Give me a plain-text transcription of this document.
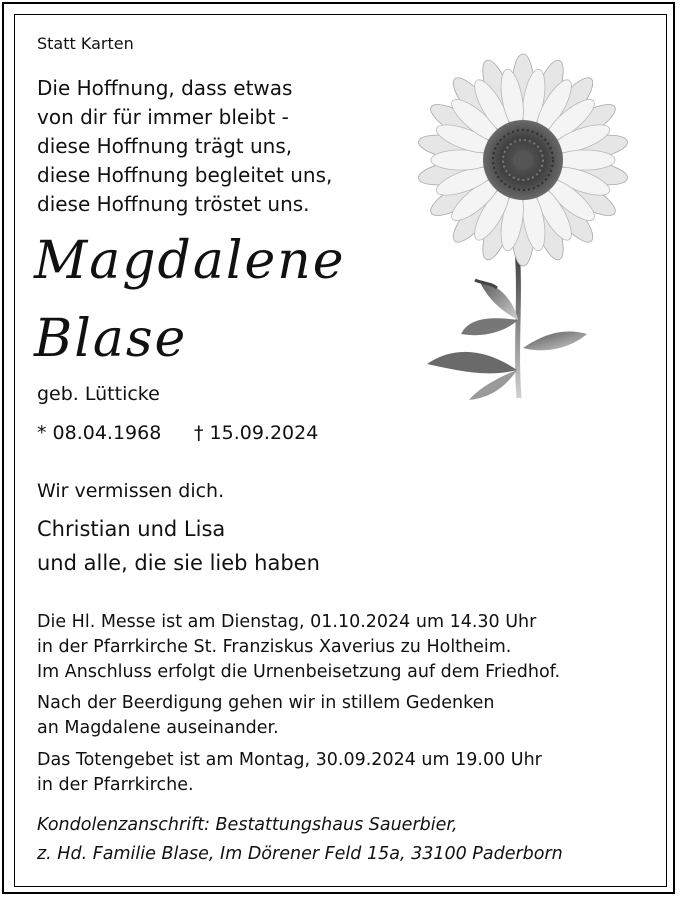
Statt Karten
Die Hoffnung, dass etwas
von dir für immer bleibt -
diese Hoffnung trägt uns,
diese Hoffnung begleitet uns,
diese Hoffnung tröstet uns.
Magdalene
Blase
geb. Lütticke
* 08.04.1968 † 15.09.2024
Wir vermissen dich.
Christian und Lisa
und alle, die sie lieb haben
Die Hl. Messe ist am Dienstag, 01.10.2024 um 14.30 Uhr
in der Pfarrkirche St. Franziskus Xaverius zu Holtheim.
Im Anschluss erfolgt die Urnenbeisetzung auf dem Friedhof.
Nach der Beerdigung gehen wir in stillem Gedenken
an Magdalene auseinander.
Das Totengebet ist am Montag, 30.09.2024 um 19.00 Uhr
in der Pfarrkirche.
Kondolenzanschrift: Bestattungshaus Sauerbier,
z. Hd. Familie Blase, Im Dörener Feld 15a, 33100 Paderborn
